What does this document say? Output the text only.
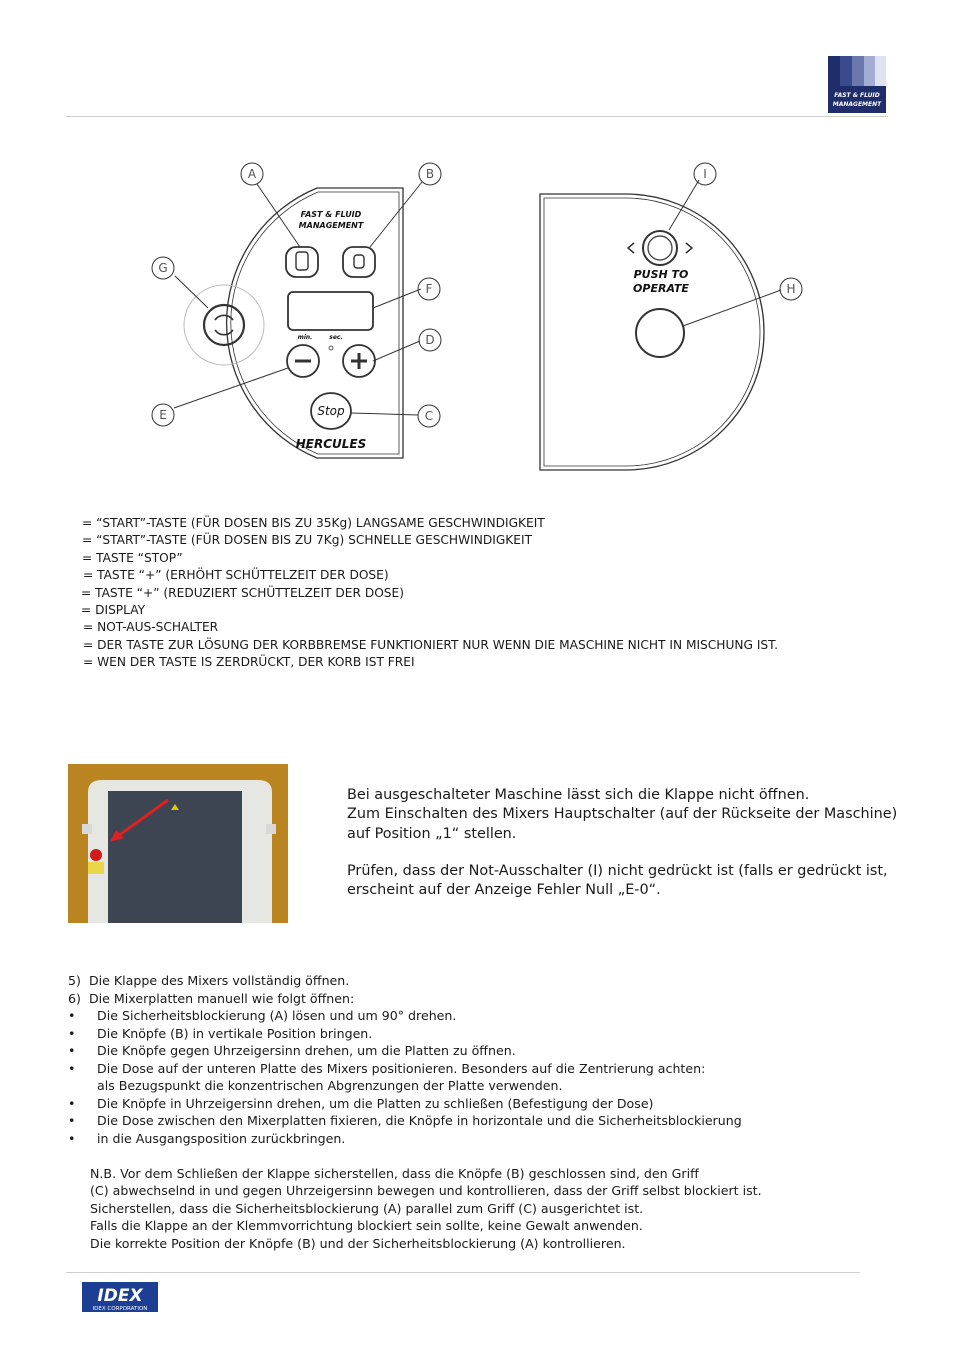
FAST & FLUID
MANAGEMENT
A	B
C
D
E
F
G
FAST & FLUID
MANAGEMENT
min.	sec.
Stop
HERCULES
I
H
PUSH TO
OPERATE
= “START”-TASTE (FÜR DOSEN BIS ZU 35Kg) LANGSAME GESCHWINDIGKEIT
= “START”-TASTE (FÜR DOSEN BIS ZU 7Kg) SCHNELLE GESCHWINDIGKEIT
= TASTE “STOP”
= TASTE “+” (ERHÖHT SCHÜTTELZEIT DER DOSE)
= TASTE “+” (REDUZIERT SCHÜTTELZEIT DER DOSE)
= DISPLAY
= NOT-AUS-SCHALTER
= DER TASTE ZUR LÖSUNG DER KORBBREMSE FUNKTIONIERT NUR WENN DIE MASCHINE NICHT IN MISCHUNG IST.
= WEN DER TASTE IS ZERDRÜCKT, DER KORB IST FREI

Bei ausgeschalteter Maschine lässt sich die Klappe nicht öffnen.
Zum Einschalten des Mixers Hauptschalter (auf der Rückseite der Maschine)
auf Position „1“ stellen.

Prüfen, dass der Not-Ausschalter (I) nicht gedrückt ist (falls er gedrückt ist,
erscheint auf der Anzeige Fehler Null „E-0“.

5) Die Klappe des Mixers vollständig öffnen.
6) Die Mixerplatten manuell wie folgt öffnen:
•	Die Sicherheitsblockierung (A) lösen und um 90° drehen.
•	Die Knöpfe (B) in vertikale Position bringen.
•	Die Knöpfe gegen Uhrzeigersinn drehen, um die Platten zu öffnen.
•	Die Dose auf der unteren Platte des Mixers positionieren. Besonders auf die Zentrierung achten:
als Bezugspunkt die konzentrischen Abgrenzungen der Platte verwenden.
•	Die Knöpfe in Uhrzeigersinn drehen, um die Platten zu schließen (Befestigung der Dose)
•	Die Dose zwischen den Mixerplatten fixieren, die Knöpfe in horizontale und die Sicherheitsblockierung
•	in die Ausgangsposition zurückbringen.
N.B. Vor dem Schließen der Klappe sicherstellen, dass die Knöpfe (B) geschlossen sind, den Griff
(C) abwechselnd in und gegen Uhrzeigersinn bewegen und kontrollieren, dass der Griff selbst blockiert ist.
Sicherstellen, dass die Sicherheitsblockierung (A) parallel zum Griff (C) ausgerichtet ist.
Falls die Klappe an der Klemmvorrichtung blockiert sein sollte, keine Gewalt anwenden.
Die korrekte Position der Knöpfe (B) und der Sicherheitsblockierung (A) kontrollieren.
IDEX
IDEX CORPORATION
